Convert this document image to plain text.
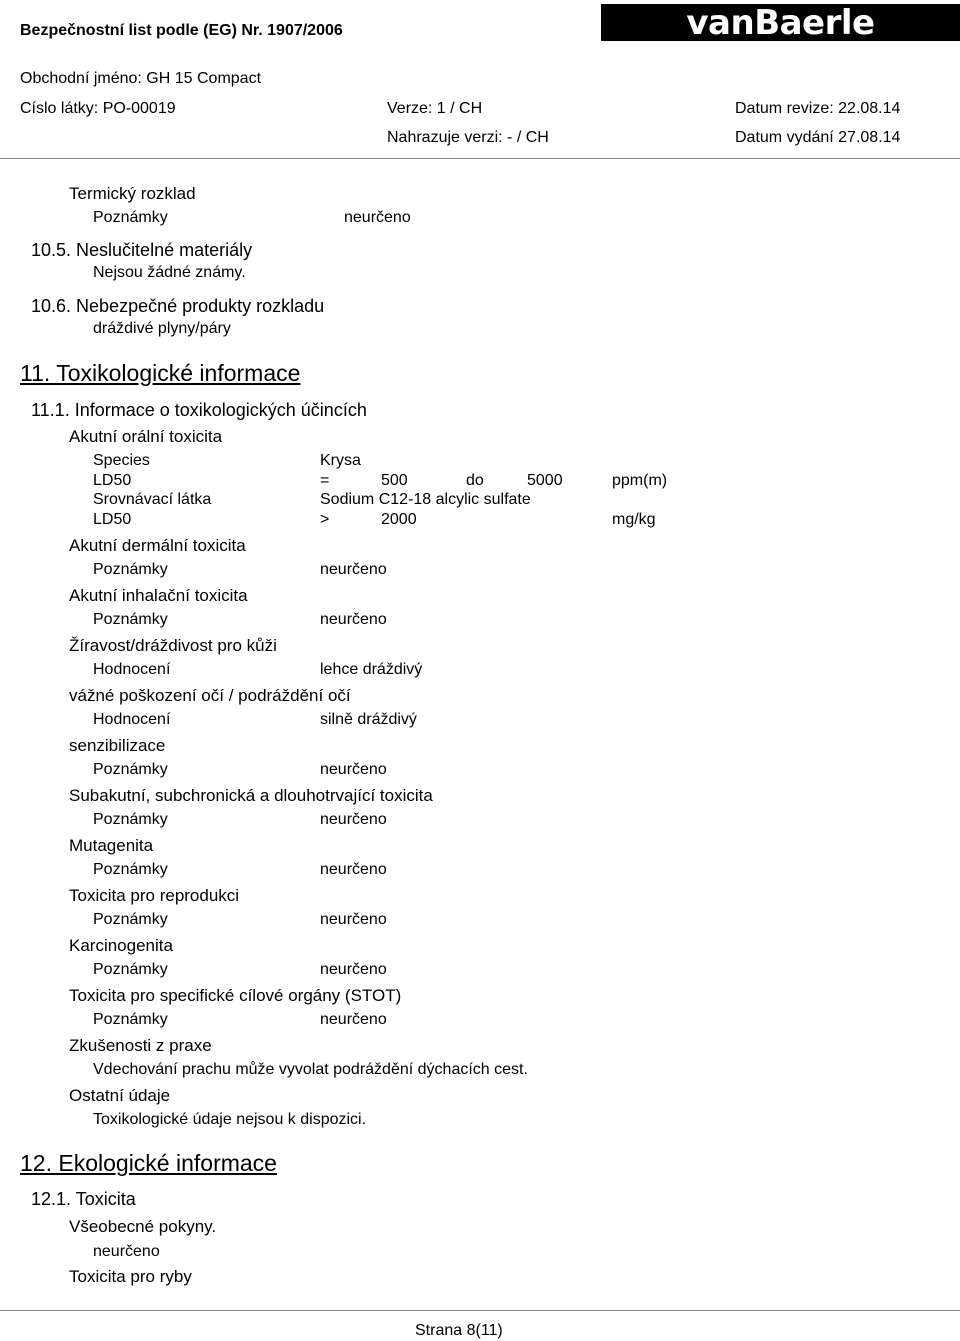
Bezpečnostní list podle (EG) Nr. 1907/2006	vanBaerle
Obchodní jméno: GH 15 Compact
Císlo látky: PO-00019	Verze: 1 / CH	Datum revize: 22.08.14
Nahrazuje verzi: - / CH	Datum vydání 27.08.14
Termický rozklad
Poznámky	neurčeno
10.5. Neslučitelné materiály
Nejsou žádné známy.
10.6. Nebezpečné produkty rozkladu
dráždivé plyny/páry
11. Toxikologické informace
11.1. Informace o toxikologických účincích
Akutní orální toxicita
Species	Krysa
LD50	=	500	do	5000	ppm(m)
Srovnávací látka	Sodium C12-18 alcylic sulfate
LD50	>	2000	mg/kg
Akutní dermální toxicita
Poznámky	neurčeno
Akutní inhalační toxicita
Poznámky	neurčeno
Žíravost/dráždivost pro kůži
Hodnocení	lehce dráždivý
vážné poškození očí / podráždění očí
Hodnocení	silně dráždivý
senzibilizace
Poznámky	neurčeno
Subakutní, subchronická a dlouhotrvající toxicita
Poznámky	neurčeno
Mutagenita
Poznámky	neurčeno
Toxicita pro reprodukci
Poznámky	neurčeno
Karcinogenita
Poznámky	neurčeno
Toxicita pro specifické cílové orgány (STOT)
Poznámky	neurčeno
Zkušenosti z praxe
Vdechování prachu může vyvolat podráždění dýchacích cest.
Ostatní údaje
Toxikologické údaje nejsou k dispozici.
12. Ekologické informace
12.1. Toxicita
Všeobecné pokyny.
neurčeno
Toxicita pro ryby
Strana 8(11)
